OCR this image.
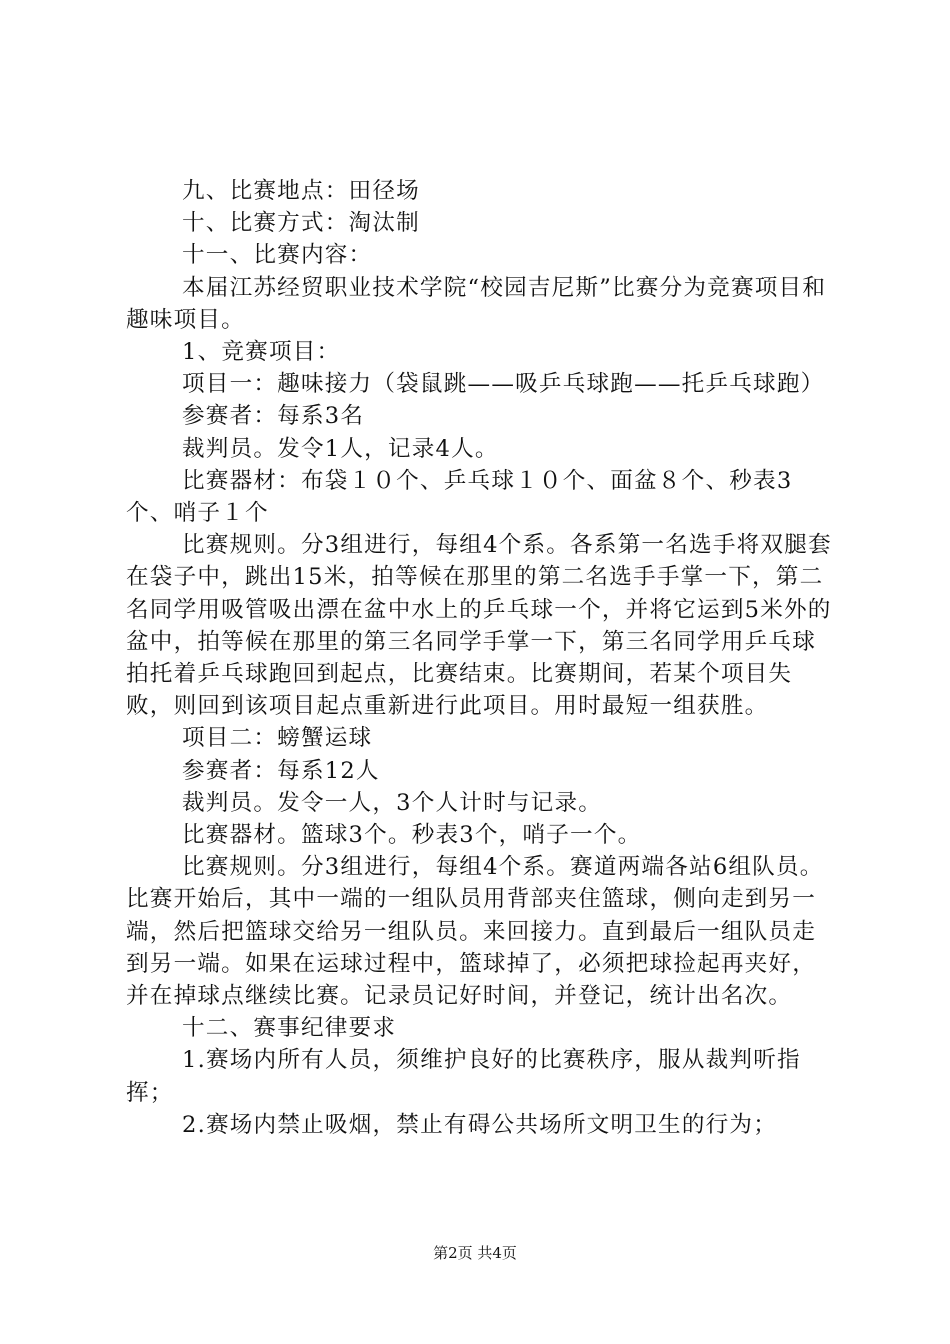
九、比赛地点：田径场

十、比赛方式：淘汰制

十一、比赛内容：

本届江苏经贸职业技术学院“校园吉尼斯”比赛分为竞赛项目和趣味项目。

1、竞赛项目：

项目一：趣味接力（袋鼠跳——吸乒乓球跑——托乒乓球跑）

参赛者：每系3名

裁判员。发令1人，记录4人。

比赛器材：布袋１０个、乒乓球１０个、面盆８个、秒表3个、哨子１个

比赛规则。分3组进行，每组4个系。各系第一名选手将双腿套在袋子中，跳出15米，拍等候在那里的第二名选手手掌一下，第二名同学用吸管吸出漂在盆中水上的乒乓球一个，并将它运到5米外的盆中，拍等候在那里的第三名同学手掌一下，第三名同学用乒乓球拍托着乒乓球跑回到起点，比赛结束。比赛期间，若某个项目失败，则回到该项目起点重新进行此项目。用时最短一组获胜。

项目二：螃蟹运球

参赛者：每系12人

裁判员。发令一人，3个人计时与记录。

比赛器材。篮球3个。秒表3个，哨子一个。

比赛规则。分3组进行，每组4个系。赛道两端各站6组队员。比赛开始后，其中一端的一组队员用背部夹住篮球，侧向走到另一端，然后把篮球交给另一组队员。来回接力。直到最后一组队员走到另一端。如果在运球过程中，篮球掉了，必须把球捡起再夹好，并在掉球点继续比赛。记录员记好时间，并登记，统计出名次。

十二、赛事纪律要求

1.赛场内所有人员，须维护良好的比赛秩序，服从裁判听指挥；

2.赛场内禁止吸烟，禁止有碍公共场所文明卫生的行为；

第2页 共4页
